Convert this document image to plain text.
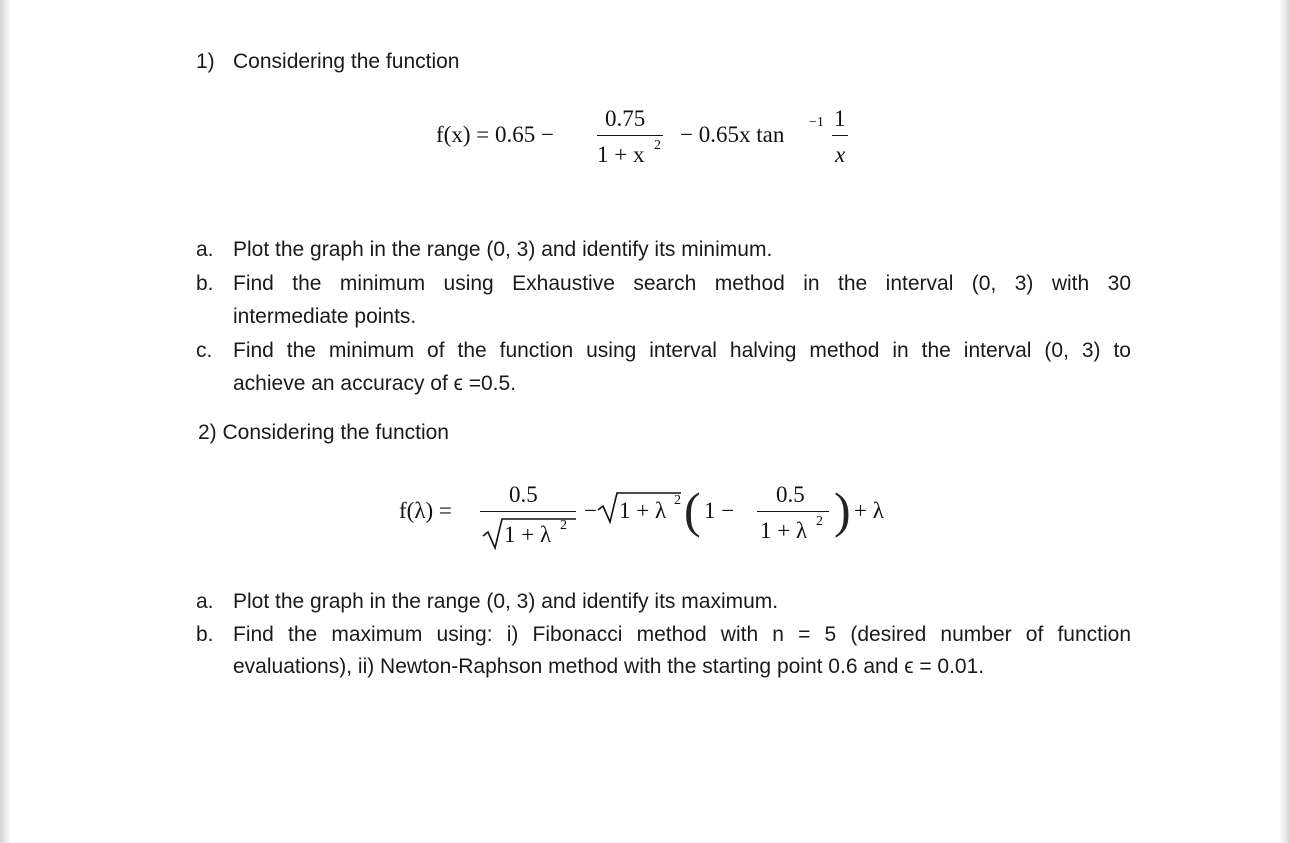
1) Considering the function
f(x) = 0.65 −
0.75
1 + x 2 − 0.65x tan −1 1
x
a. Plot the graph in the range (0, 3) and identify its minimum.
b. Find the minimum using Exhaustive search method in the interval (0, 3) with 30
intermediate points.
c. Find the minimum of the function using interval halving method in the interval (0, 3) to
achieve an accuracy of ϵ =0.5.
2) Considering the function
f(λ) =
0.5
1 + λ 2
− 1 + λ 2 ( 1 −
0.5
1 + λ 2 ) + λ
a. Plot the graph in the range (0, 3) and identify its maximum.
b. Find the maximum using: i) Fibonacci method with n = 5 (desired number of function
evaluations), ii) Newton-Raphson method with the starting point 0.6 and ϵ = 0.01.
